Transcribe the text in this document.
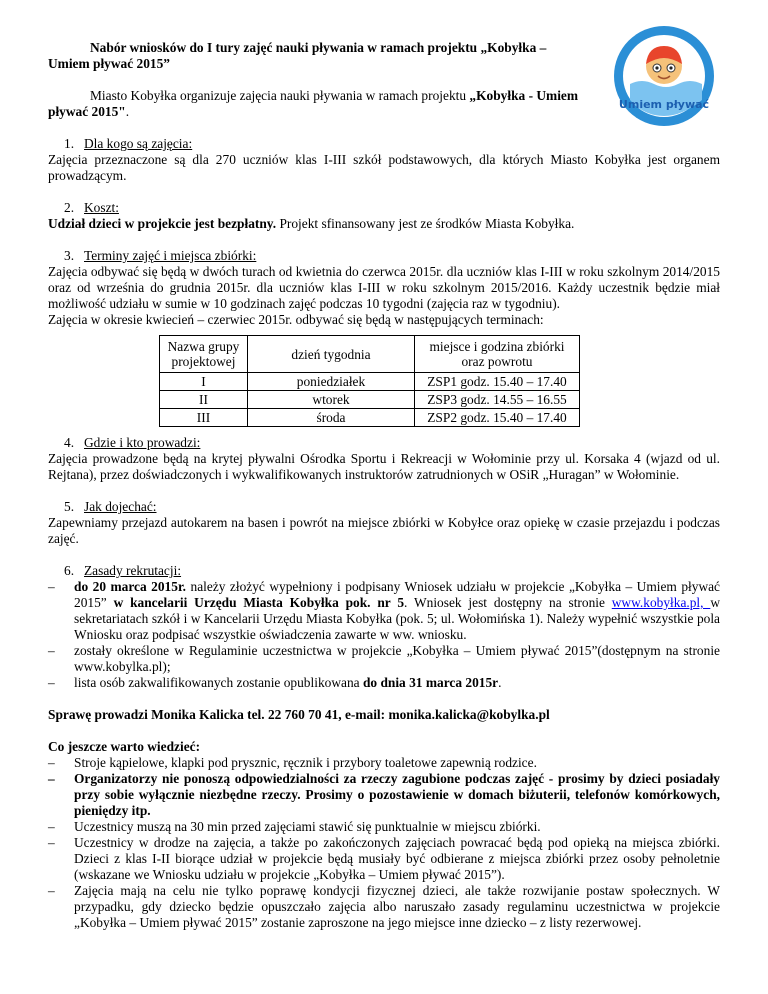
Umiem pływać

Nabór wniosków do I tury zajęć nauki pływania w ramach projektu „Kobyłka –

Umiem pływać 2015”

Miasto Kobyłka organizuje zajęcia nauki pływania w ramach projektu „Kobyłka - Umiem

pływać 2015".

1. Dla kogo są zajęcia:

Zajęcia przeznaczone są dla 270 uczniów klas I-III szkół podstawowych, dla których Miasto Kobyłka jest organem prowadzącym.

2. Koszt:

Udział dzieci w projekcie jest bezpłatny. Projekt sfinansowany jest ze środków Miasta Kobyłka.

3. Terminy zajęć i miejsca zbiórki:

Zajęcia odbywać się będą w dwóch turach od kwietnia do czerwca 2015r. dla uczniów klas I-III w roku szkolnym 2014/2015 oraz od września do grudnia 2015r. dla uczniów klas I-III w roku szkolnym 2015/2016. Każdy uczestnik będzie miał możliwość udziału w sumie w 10 godzinach zajęć podczas 10 tygodni (zajęcia raz w tygodniu).

Zajęcia w okresie kwiecień – czerwiec 2015r. odbywać się będą w następujących terminach:

Nazwa grupy projektowej	dzień tygodnia	miejsce i godzina zbiórki oraz powrotu
I	poniedziałek	ZSP1 godz. 15.40 – 17.40
II	wtorek	ZSP3 godz. 14.55 – 16.55
III	środa	ZSP2 godz. 15.40 – 17.40

4. Gdzie i kto prowadzi:

Zajęcia prowadzone będą na krytej pływalni Ośrodka Sportu i Rekreacji w Wołominie przy ul. Korsaka 4 (wjazd od ul. Rejtana), przez doświadczonych i wykwalifikowanych instruktorów zatrudnionych w OSiR „Huragan” w Wołominie.

5. Jak dojechać:

Zapewniamy przejazd autokarem na basen i powrót na miejsce zbiórki w Kobyłce oraz opiekę w czasie przejazdu i podczas zajęć.

6. Zasady rekrutacji:

– do 20 marca 2015r. należy złożyć wypełniony i podpisany Wniosek udziału w projekcie „Kobyłka – Umiem pływać 2015” w kancelarii Urzędu Miasta Kobyłka pok. nr 5. Wniosek jest dostępny na stronie www.kobyłka.pl, w sekretariatach szkół i w Kancelarii Urzędu Miasta Kobyłka (pok. 5; ul. Wołomińska 1). Należy wypełnić wszystkie pola Wniosku oraz podpisać wszystkie oświadczenia zawarte w ww. wniosku.
– zostały określone w Regulaminie uczestnictwa w projekcie „Kobyłka – Umiem pływać 2015”(dostępnym na stronie www.kobylka.pl);
– lista osób zakwalifikowanych zostanie opublikowana do dnia 31 marca 2015r.

Sprawę prowadzi Monika Kalicka tel. 22 760 70 41, e-mail: monika.kalicka@kobylka.pl

Co jeszcze warto wiedzieć:

– Stroje kąpielowe, klapki pod prysznic, ręcznik i przybory toaletowe zapewnią rodzice.
– Organizatorzy nie ponoszą odpowiedzialności za rzeczy zagubione podczas zajęć - prosimy by dzieci posiadały przy sobie wyłącznie niezbędne rzeczy. Prosimy o pozostawienie w domach biżuterii, telefonów komórkowych, pieniędzy itp.
– Uczestnicy muszą na 30 min przed zajęciami stawić się punktualnie w miejscu zbiórki.
– Uczestnicy w drodze na zajęcia, a także po zakończonych zajęciach powracać będą pod opieką na miejsca zbiórki. Dzieci z klas I-II biorące udział w projekcie będą musiały być odbierane z miejsca zbiórki przez osoby pełnoletnie (wskazane we Wniosku udziału w projekcie „Kobyłka – Umiem pływać 2015”).
– Zajęcia mają na celu nie tylko poprawę kondycji fizycznej dzieci, ale także rozwijanie postaw społecznych. W przypadku, gdy dziecko będzie opuszczało zajęcia albo naruszało zasady regulaminu uczestnictwa w projekcie „Kobyłka – Umiem pływać 2015” zostanie zaproszone na jego miejsce inne dziecko – z listy rezerwowej.
